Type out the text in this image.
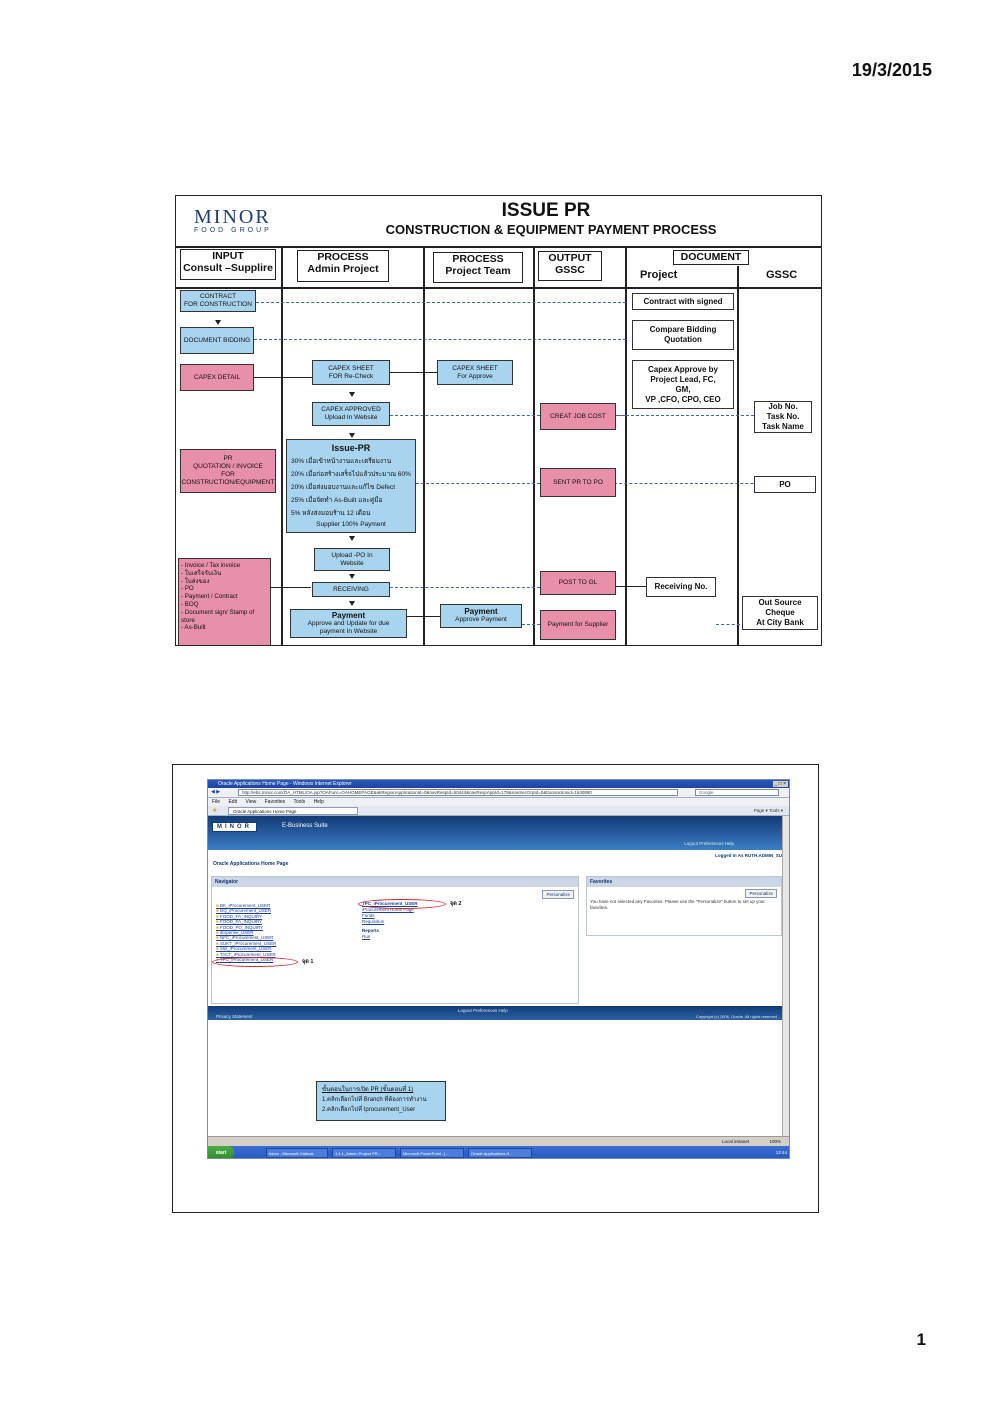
19/3/2015
MINOR
FOOD GROUP
ISSUE PR
CONSTRUCTION & EQUIPMENT PAYMENT PROCESS
INPUT
Consult –Supplire
PROCESS
Admin Project
PROCESS
Project Team
OUTPUT
GSSC
DOCUMENT
Project	GSSC
CONTRACT
FOR CONSTRUCTION
DOCUMENT BIDDING
CAPEX DETAIL
PR
QUOTATION / INVOICE
FOR
CONSTRUCTION/EQUIPMENT
- Invoice / Tax invoice
- ใบเสร็จรับเงิน
- ใบส่งของ
- PO
- Payment / Contract
- BOQ
- Document sign/ Stamp of store
- As-Built
CAPEX SHEET
FOR Re-Check
CAPEX APPROVED
Upload In Website
Issue-PR
30% เมื่อเข้าหน้างานและเตรียมงาน
20% เมื่อก่อสร้างเสร็จไปแล้วประมาณ 60%
20% เมื่อส่งมอบงานและแก้ไข Defect
25% เมื่อจัดทำ As-Built และคู่มือ
5% หลังส่งมอบร้าน 12 เดือน
Supplier 100% Payment
Upload -PO In
Website
RECEIVING
Payment
Approve and Update for due
payment In Website
CAPEX SHEET
For Approve
Payment
Approve Payment
CREAT JOB COST
SENT PR TO PO
POST TO GL
Payment for Supplier
Contract with signed
Compare Bidding
Quotation
Capex Approve by
Project Lead, FC,
GM,
VP ,CFO, CPO, CEO
Receiving No.
Job No.
Task No.
Task Name
PO
Out Source Cheque
At City Bank
Oracle Applications Home Page - Windows Internet Explorer	_ □ ×
◀ ▶	http://ebs.minor.com/OA_HTML/OA.jsp?OAFunc=OAHOMEPAGE&akRegionApplicationId=0&navRespId=50444&navRespAppId=178&navSecGrpId=0&transactionid=1640880	Google
File Edit View Favorites Tools Help
★	Oracle Applications Home Page	Page ▾ Tools ▾
MINOR	E-Business Suite
Logout Preferences Help
Logged In As RUTH.ADMIN_SU
Oracle Applications Home Page
Navigator
Personalize
■ BK_iProcurement_USER
■ DQ_iProcurement_USER
■ FOOD_FA_INQUIRY
■ FOOD_FA_INQUIRY
■ FOOD_PO_INQUIRY
■ iExpense_USER
■ NFC_iProcurement_USER
■ SUKT_iProcurement_USER
■ SW_iProcurement_USER
■ TACT_iProcurement_USER
■ TPC_iProcurement_USER	จุด 1
TPC_iProcurement_USER
iProcurement Home Page
Funds
Requisition
Reports
Run
จุด 2
Favorites
Personalize
You have not selected any Favorites. Please use the "Personalize" button to set up your favorites.
Logout Preferences Help
Privacy Statement	Copyright (c) 2006, Oracle. All rights reserved.
ขั้นตอนในการเปิด PR (ขั้นตอนที่ 1)
1.คลิกเลือกไปที่ Branch ที่ต้องการทำงาน
2.คลิกเลือกไปที่ Iprocurement_User
Local intranet	100%
start	Inbox - Microsoft Outlook	1.1.1_Admin Project PR...	Microsoft PowerPoint - [...	Oracle Applications H...	12:44
1
